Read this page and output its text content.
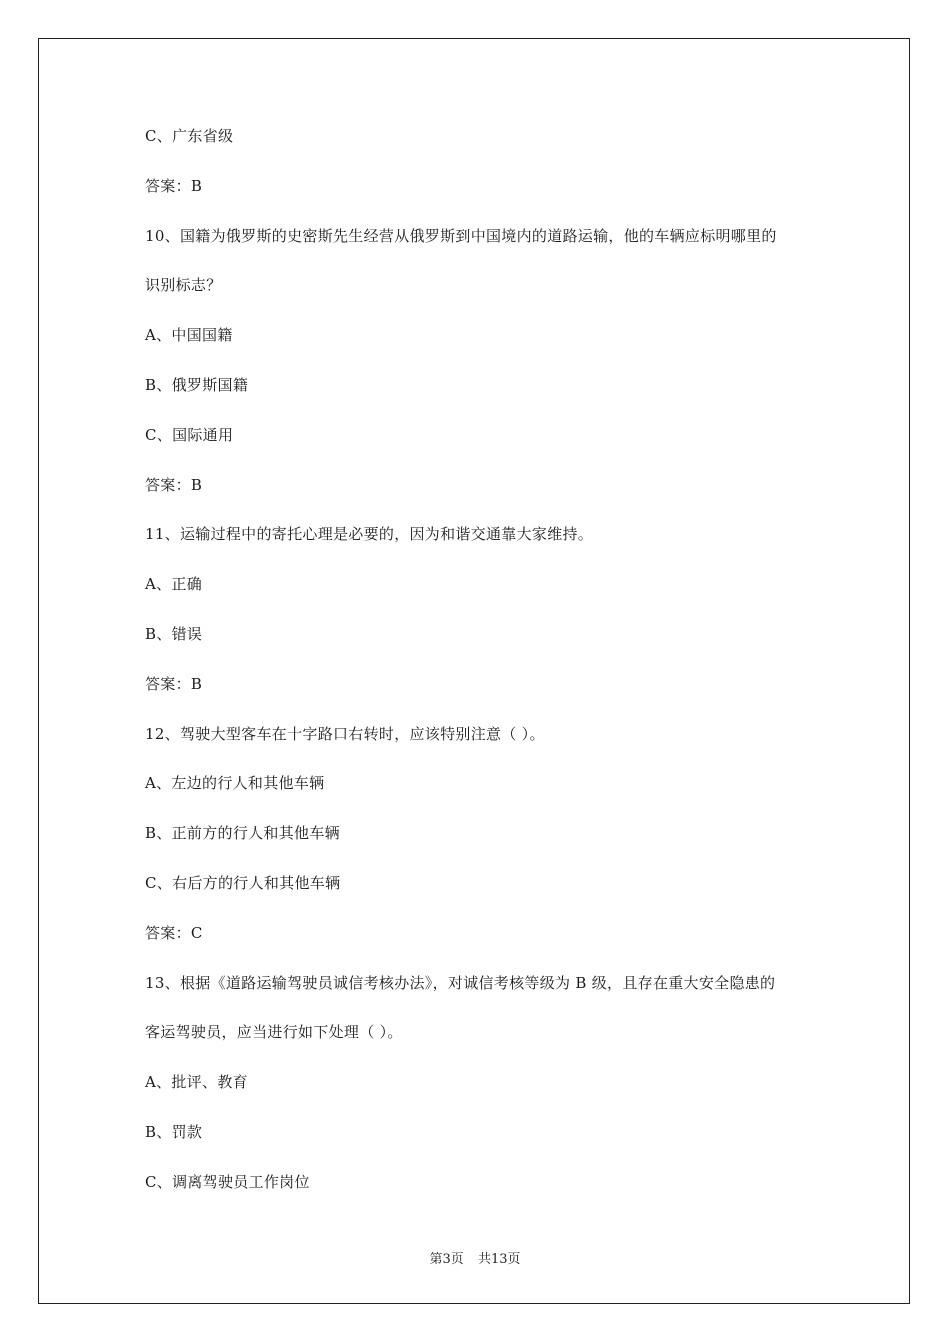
C、广东省级
答案：B
10、国籍为俄罗斯的史密斯先生经营从俄罗斯到中国境内的道路运输，他的车辆应标明哪里的
识别标志？
A、中国国籍
B、俄罗斯国籍
C、国际通用
答案：B
11、运输过程中的寄托心理是必要的，因为和谐交通靠大家维持。
A、正确
B、错误
答案：B
12、驾驶大型客车在十字路口右转时，应该特别注意（ ）。
A、左边的行人和其他车辆
B、正前方的行人和其他车辆
C、右后方的行人和其他车辆
答案：C
13、根据《道路运输驾驶员诚信考核办法》，对诚信考核等级为 B 级，且存在重大安全隐患的
客运驾驶员，应当进行如下处理（ ）。
A、批评、教育
B、罚款
C、调离驾驶员工作岗位
第3页 共13页
